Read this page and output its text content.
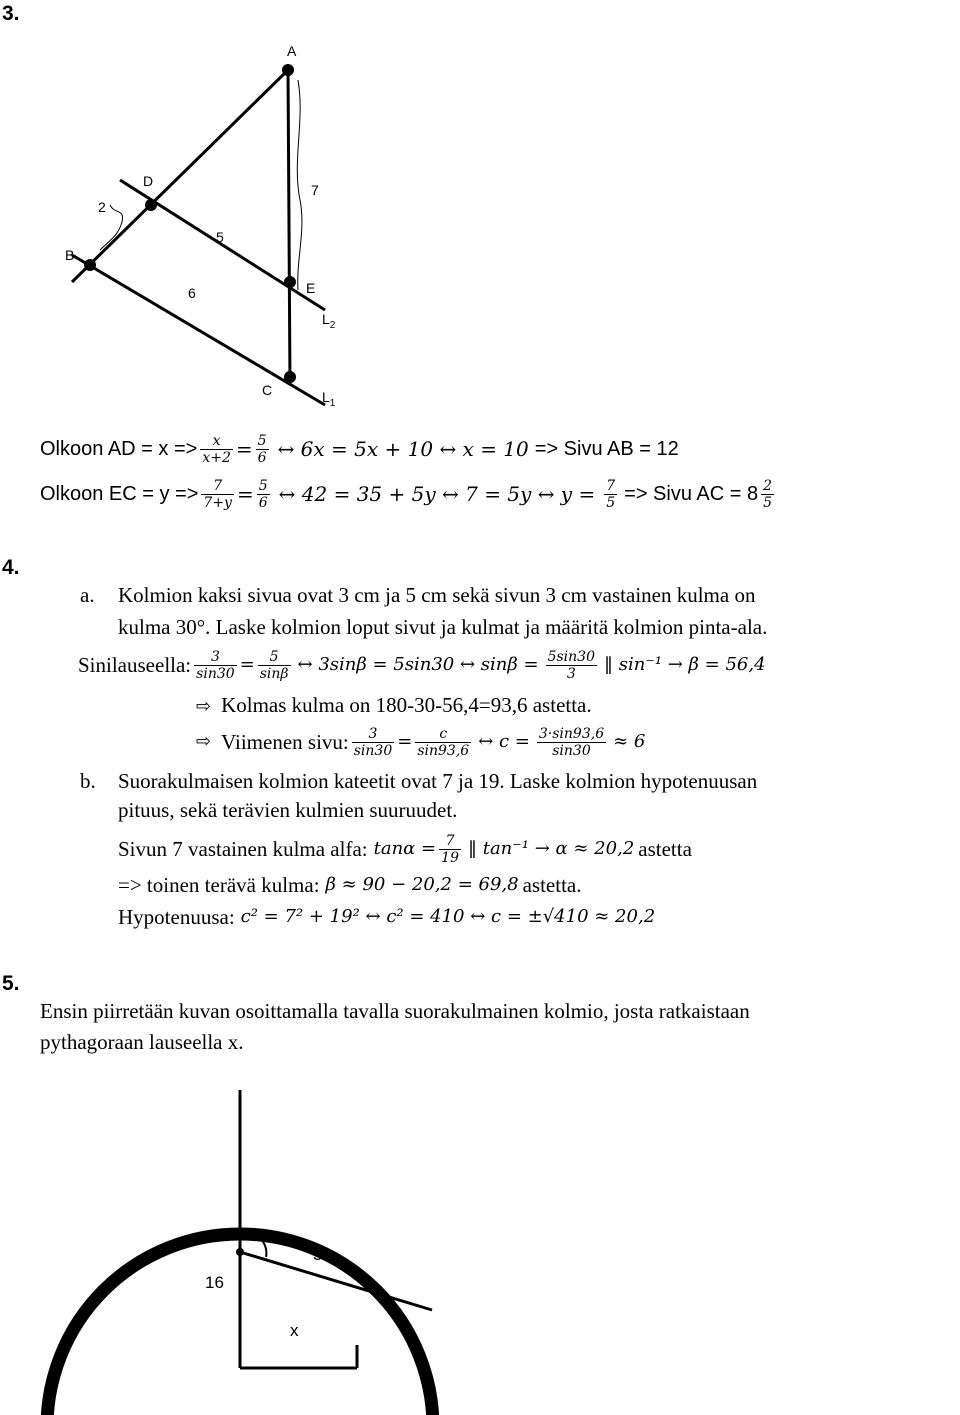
3.
A
D
B
E
C
2
5
6
7
$L_2$
$L_1$
Olkoon AD = $x => \frac{x}{x+2} = \frac{5}{6}$ ↔ 6x = 5x + 10 ↔ x = 10 => Sivu AB = 12
Olkoon EC = $y => \frac{7}{7+y} = \frac{5}{6}$ ↔ 42 = 35 + 5y ↔ 7 = 5y ↔ $y = \frac{7}{5}$ => Sivu AC = 8 2
5
4.
a. Kolmion kaksi sivua ovat 3 cm ja 5 cm sekä sivun 3 cm vastainen kulma on
kulma 30°. Laske kolmion loput sivut ja kulmat ja määritä kolmion pinta-ala.
Sinilauseella: $\frac{3}{\sin 30} = \frac{5}{\sin\beta}$ ↔ 3sinβ = 5sin30 ↔ $\sin\beta = \frac{5\sin 30}{3}$ ‖ sin⁻¹ → β = 56,4
⇨ Kolmas kulma on 180-30-56,4=93,6 astetta.
⇨ Viimenen sivu: $\frac{3}{\sin 30} = \frac{c}{\sin 93,6}$ ↔ $c = \frac{3\cdot\sin 93,6}{\sin 30} \approx 6$
b. Suorakulmaisen kolmion kateetit ovat 7 ja 19. Laske kolmion hypotenuusan
pituus, sekä terävien kulmien suuruudet.
Sivun 7 vastainen kulma alfa: $\tan\alpha = \frac{7}{19}$ ‖ tan⁻¹ → α ≈ 20,2 astetta
=> toinen terävä kulma: β ≈ 90 − 20,2 = 69,8 astetta.
Hypotenuusa: c² = 7² + 19² ↔ c² = 410 ↔ c = ±√410 ≈ 20,2
5.
Ensin piirretään kuvan osoittamalla tavalla suorakulmainen kolmio, josta ratkaistaan
pythagoraan lauseella x.
50
16
x
